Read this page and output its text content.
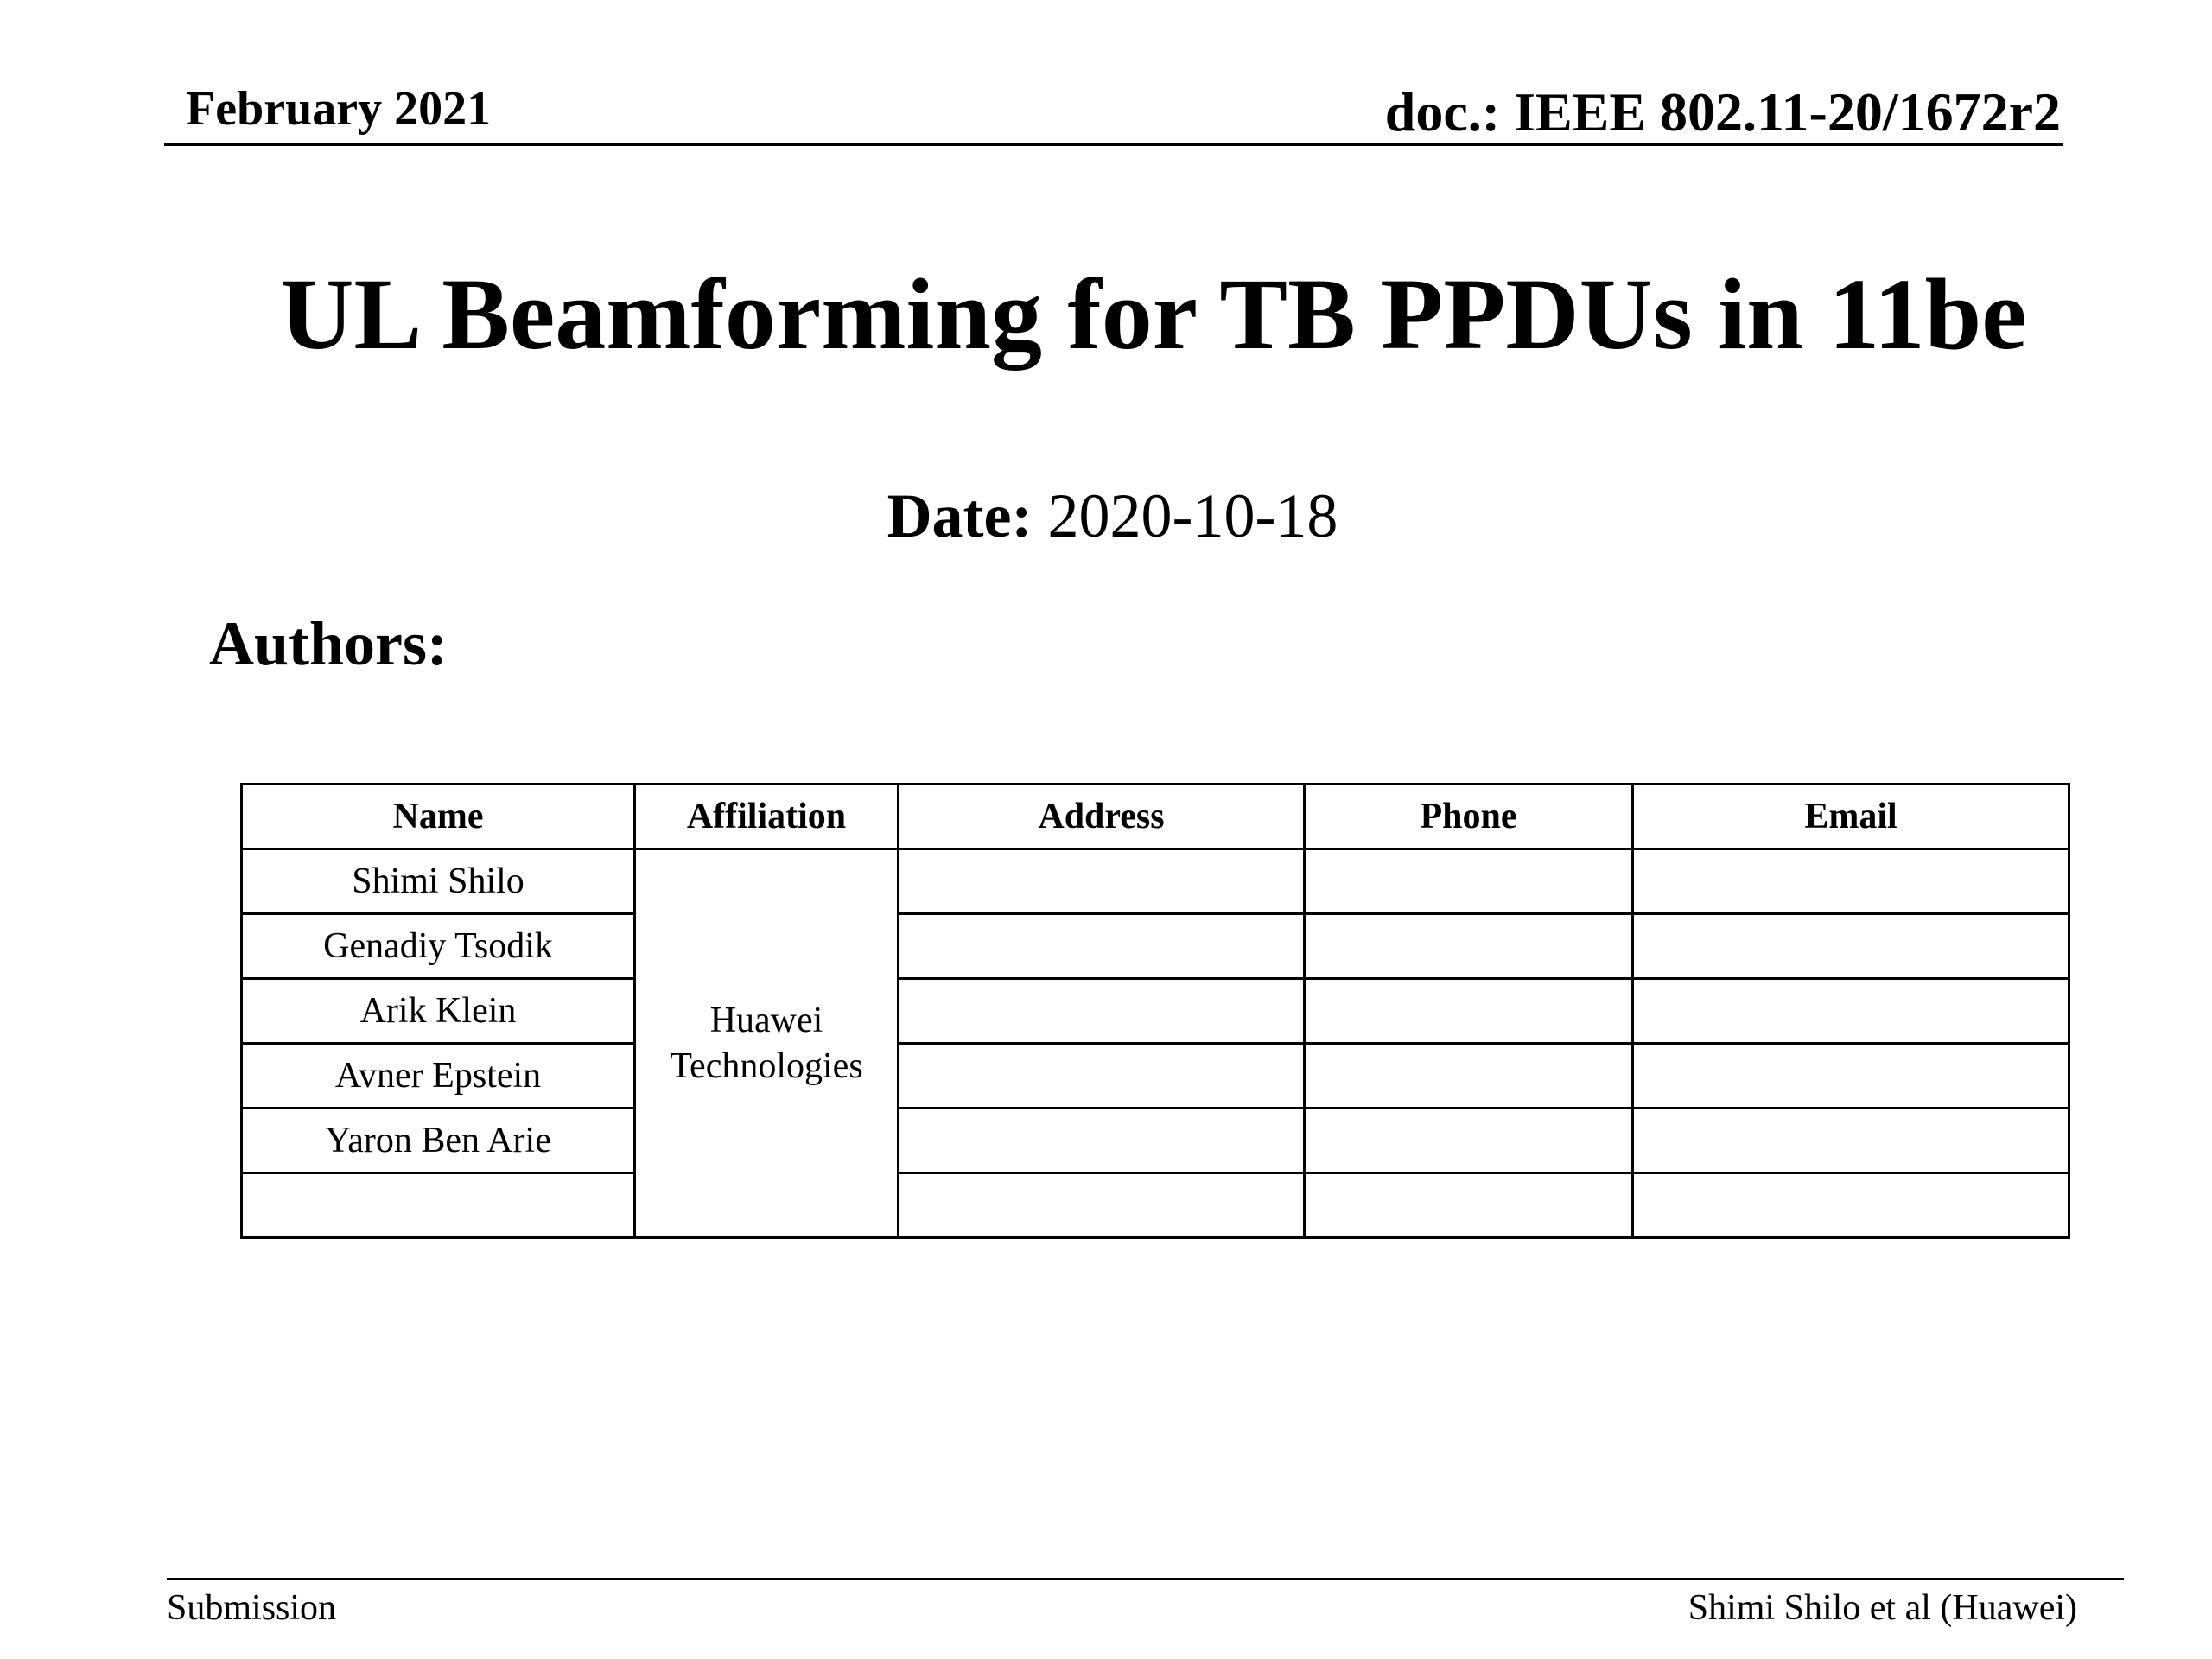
February 2021	doc.: IEEE 802.11-20/1672r2
UL Beamforming for TB PPDUs in 11be
Date: 2020-10-18
Authors:
Name	Affiliation	Address	Phone	Email
Shimi Shilo	Huawei Technologies			
Genadiy Tsodik				
Arik Klein				
Avner Epstein				
Yaron Ben Arie				

Submission	Shimi Shilo et al (Huawei)
